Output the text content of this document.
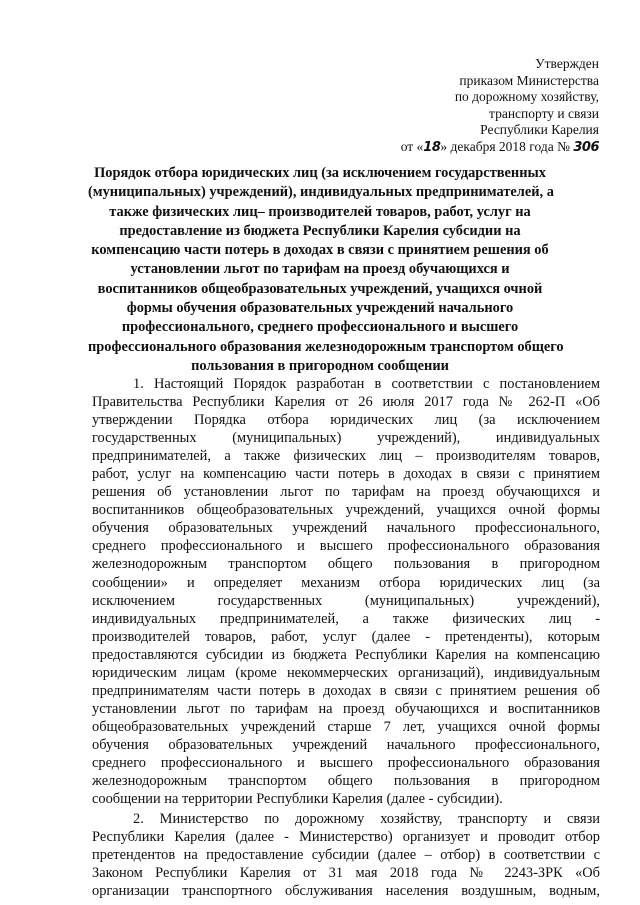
Утвержден
приказом Министерства
по дорожному хозяйству,
транспорту и связи
Республики Карелия
от «18» декабря 2018 года № 306
Порядок отбора юридических лиц (за исключением государственных
(муниципальных) учреждений), индивидуальных предпринимателей, а
также физических лиц– производителей товаров, работ, услуг на
предоставление из бюджета Республики Карелия субсидии на
компенсацию части потерь в доходах в связи с принятием решения об
установлении льгот по тарифам на проезд обучающихся и
воспитанников общеобразовательных учреждений, учащихся очной
формы обучения образовательных учреждений начального
профессионального, среднего профессионального и высшего
профессионального образования железнодорожным транспортом общего
пользования в пригородном сообщении
1. Настоящий Порядок разработан в соответствии с постановлением
Правительства Республики Карелия от 26 июля 2017 года № 262-П «Об
утверждении Порядка отбора юридических лиц (за исключением
государственных (муниципальных) учреждений), индивидуальных
предпринимателей, а также физических лиц – производителям товаров,
работ, услуг на компенсацию части потерь в доходах в связи с принятием
решения об установлении льгот по тарифам на проезд обучающихся и
воспитанников общеобразовательных учреждений, учащихся очной формы
обучения образовательных учреждений начального профессионального,
среднего профессионального и высшего профессионального образования
железнодорожным транспортом общего пользования в пригородном
сообщении» и определяет механизм отбора юридических лиц (за
исключением государственных (муниципальных) учреждений),
индивидуальных предпринимателей, а также физических лиц -
производителей товаров, работ, услуг (далее - претенденты), которым
предоставляются субсидии из бюджета Республики Карелия на компенсацию
юридическим лицам (кроме некоммерческих организаций), индивидуальным
предпринимателям части потерь в доходах в связи с принятием решения об
установлении льгот по тарифам на проезд обучающихся и воспитанников
общеобразовательных учреждений старше 7 лет, учащихся очной формы
обучения образовательных учреждений начального профессионального,
среднего профессионального и высшего профессионального образования
железнодорожным транспортом общего пользования в пригородном
сообщении на территории Республики Карелия (далее - субсидии).
2. Министерство по дорожному хозяйству, транспорту и связи
Республики Карелия (далее - Министерство) организует и проводит отбор
претендентов на предоставление субсидии (далее – отбор) в соответствии с
Законом Республики Карелия от 31 мая 2018 года № 2243-ЗРК «Об
организации транспортного обслуживания населения воздушным, водным,
